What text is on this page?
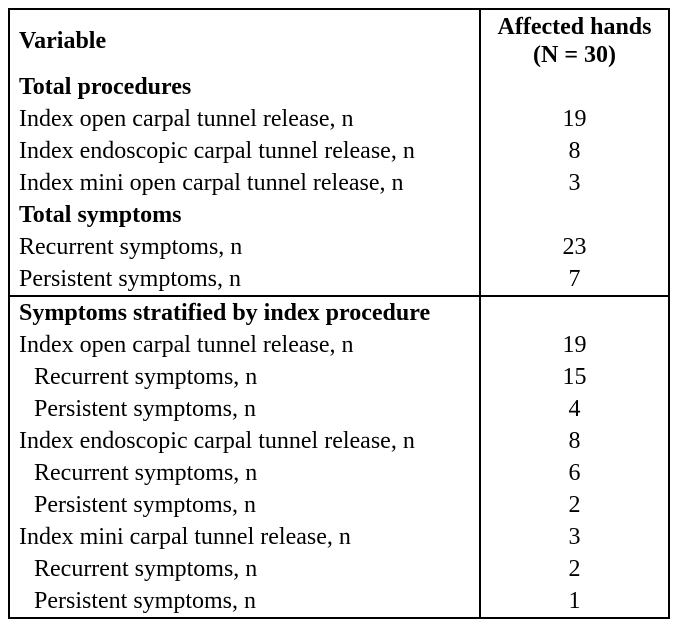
Variable	Affected hands
(N = 30)

Total procedures	
Index open carpal tunnel release, n	19
Index endoscopic carpal tunnel release, n	8
Index mini open carpal tunnel release, n	3
Total symptoms	
Recurrent symptoms, n	23
Persistent symptoms, n	7
Symptoms stratified by index procedure	
Index open carpal tunnel release, n	19
Recurrent symptoms, n	15
Persistent symptoms, n	4
Index endoscopic carpal tunnel release, n	8
Recurrent symptoms, n	6
Persistent symptoms, n	2
Index mini carpal tunnel release, n	3
Recurrent symptoms, n	2
Persistent symptoms, n	1
